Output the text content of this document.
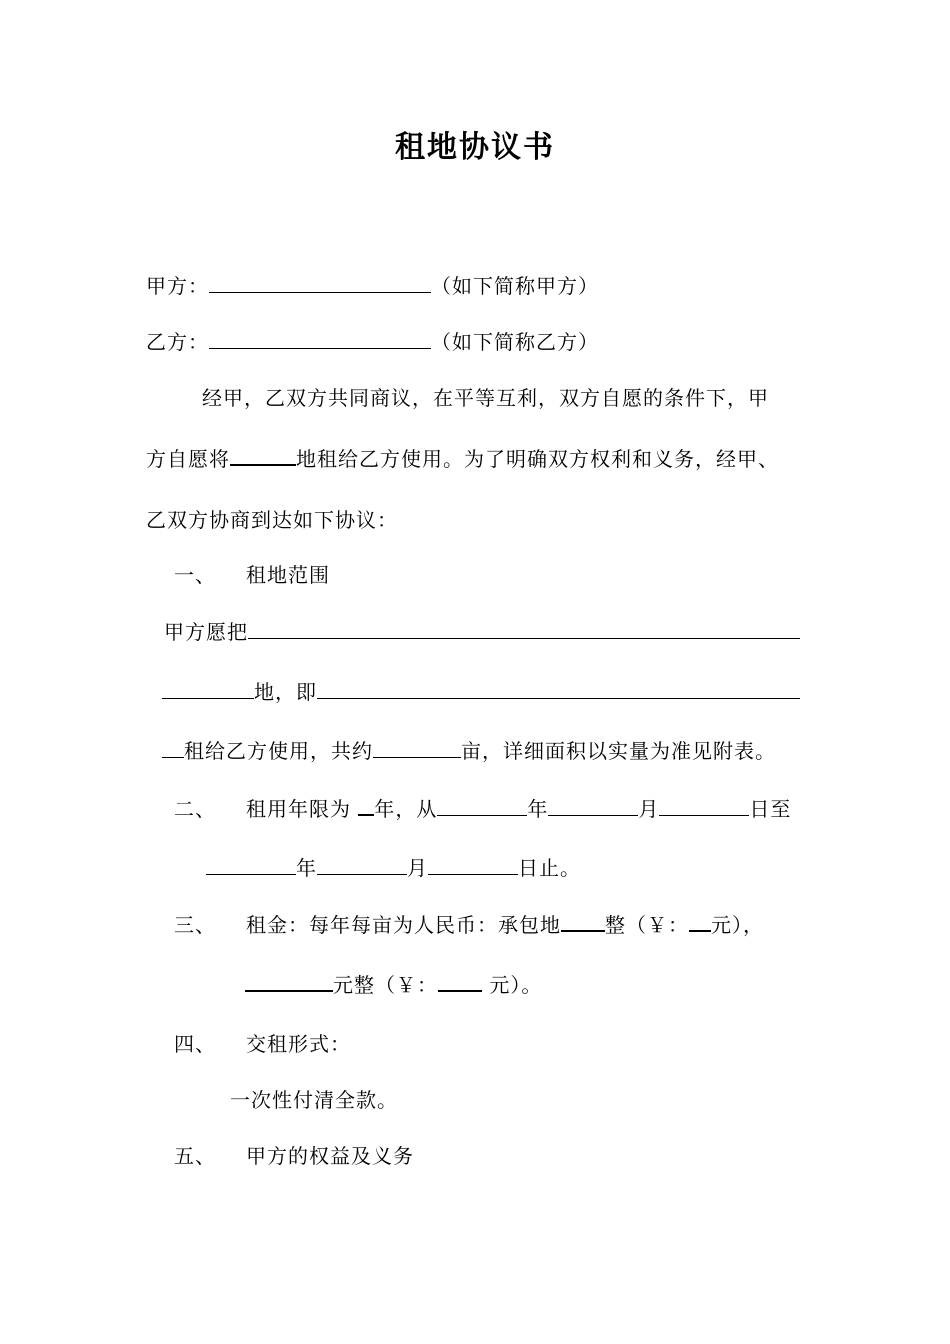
租地协议书
甲方：	（如下简称甲方）
乙方：	（如下简称乙方）
经甲，乙双方共同商议，在平等互利，双方自愿的条件下，甲
方自愿将	地租给乙方使用。为了明确双方权利和义务，经甲、
乙双方协商到达如下协议：
一、 租地范围
甲方愿把
地，即
租给乙方使用，共约	亩，详细面积以实量为准见附表。
二、 租用年限为 年，从	年	月	日至
年	月	日止。
三、 租金：每年每亩为人民币：承包地 整（￥： 元），
元整（￥：	元）。
四、 交租形式：
一次性付清全款。
五、 甲方的权益及义务
